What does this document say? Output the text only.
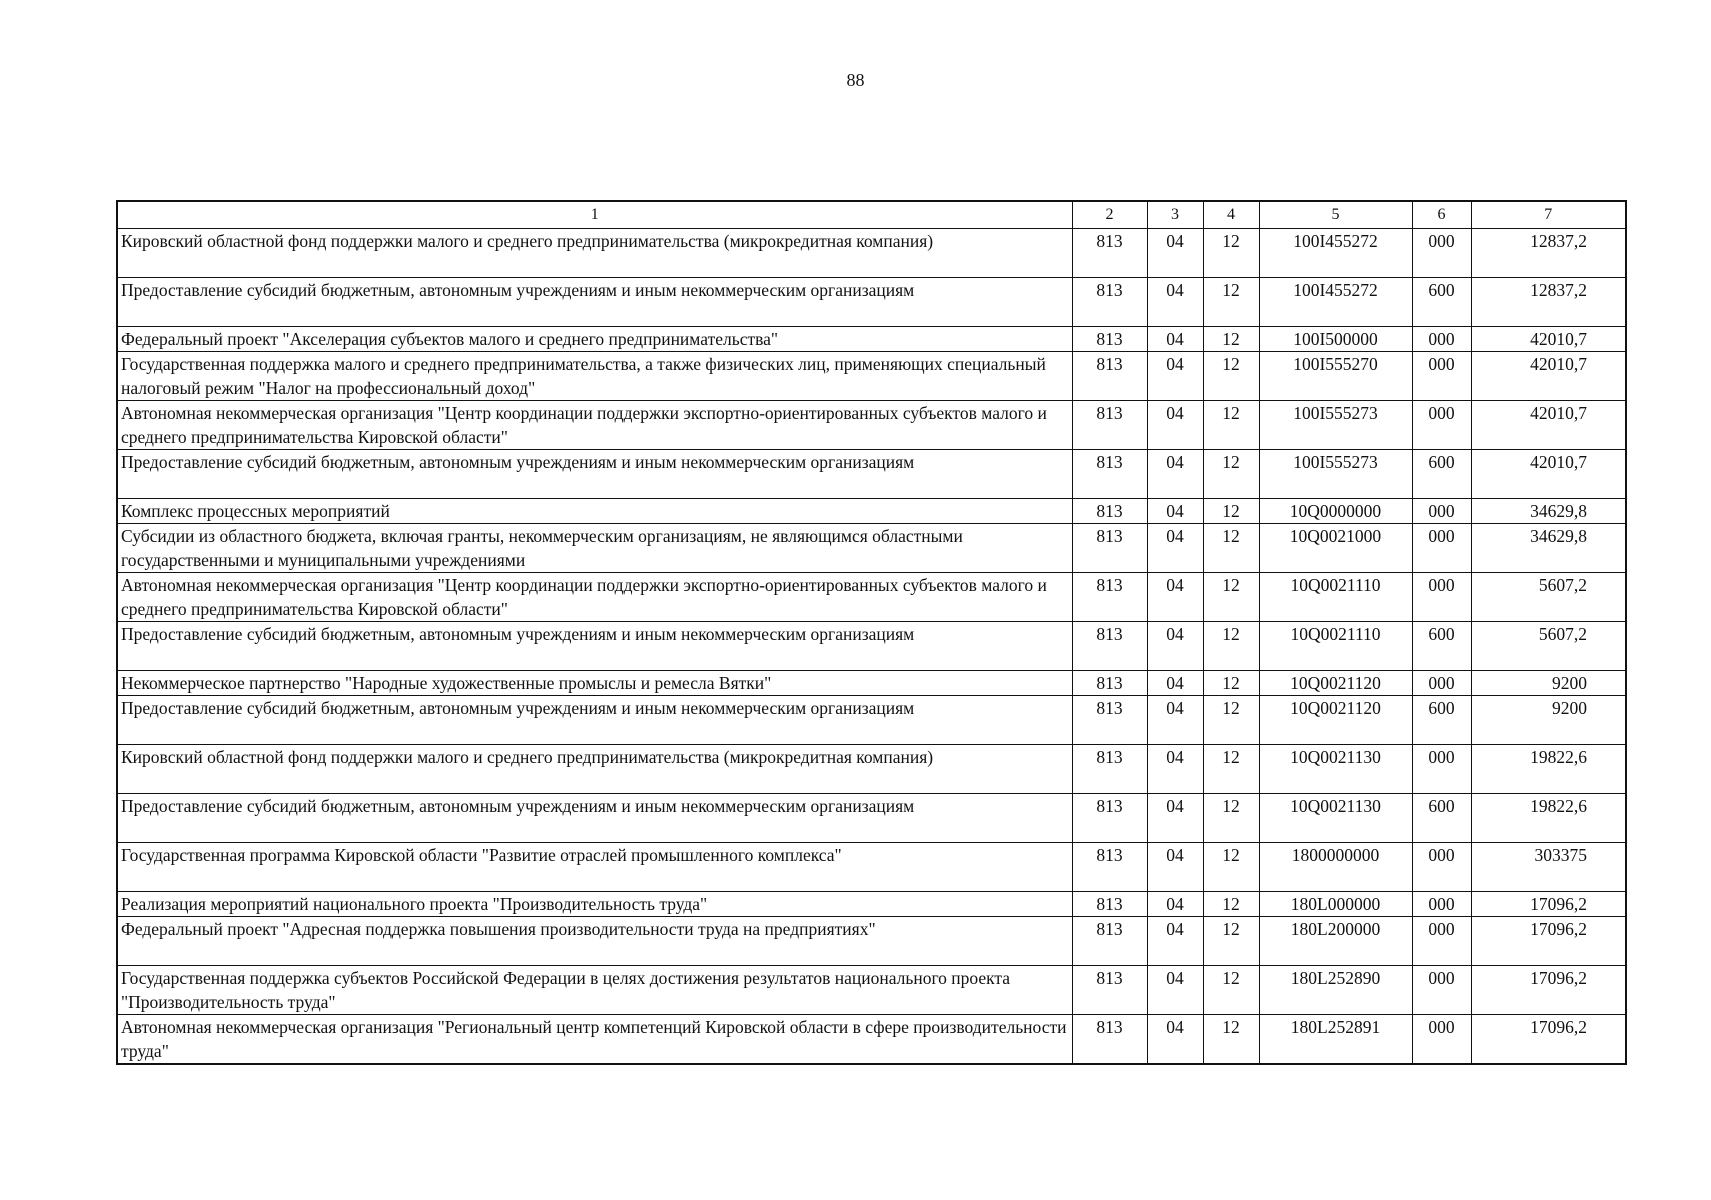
88
1	2	3	4	5	6	7
Кировский областной фонд поддержки малого и среднего предпринимательства (микрокредитная компания)	813	04	12	100I455272	000	12837,2
Предоставление субсидий бюджетным, автономным учреждениям и иным некоммерческим организациям	813	04	12	100I455272	600	12837,2
Федеральный проект "Акселерация субъектов малого и среднего предпринимательства"	813	04	12	100I500000	000	42010,7
Государственная поддержка малого и среднего предпринимательства, а также физических лиц, применяющих специальный налоговый режим "Налог на профессиональный доход"	813	04	12	100I555270	000	42010,7
Автономная некоммерческая организация "Центр координации поддержки экспортно-ориентированных субъектов малого и среднего предпринимательства Кировской области"	813	04	12	100I555273	000	42010,7
Предоставление субсидий бюджетным, автономным учреждениям и иным некоммерческим организациям	813	04	12	100I555273	600	42010,7
Комплекс процессных мероприятий	813	04	12	10Q0000000	000	34629,8
Субсидии из областного бюджета, включая гранты, некоммерческим организациям, не являющимся областными государственными и муниципальными учреждениями	813	04	12	10Q0021000	000	34629,8
Автономная некоммерческая организация "Центр координации поддержки экспортно-ориентированных субъектов малого и среднего предпринимательства Кировской области"	813	04	12	10Q0021110	000	5607,2
Предоставление субсидий бюджетным, автономным учреждениям и иным некоммерческим организациям	813	04	12	10Q0021110	600	5607,2
Некоммерческое партнерство "Народные художественные промыслы и ремесла Вятки"	813	04	12	10Q0021120	000	9200
Предоставление субсидий бюджетным, автономным учреждениям и иным некоммерческим организациям	813	04	12	10Q0021120	600	9200
Кировский областной фонд поддержки малого и среднего предпринимательства (микрокредитная компания)	813	04	12	10Q0021130	000	19822,6
Предоставление субсидий бюджетным, автономным учреждениям и иным некоммерческим организациям	813	04	12	10Q0021130	600	19822,6
Государственная программа Кировской области "Развитие отраслей промышленного комплекса"	813	04	12	1800000000	000	303375
Реализация мероприятий национального проекта "Производительность труда"	813	04	12	180L000000	000	17096,2
Федеральный проект "Адресная поддержка повышения производительности труда на предприятиях"	813	04	12	180L200000	000	17096,2
Государственная поддержка субъектов Российской Федерации в целях достижения результатов национального проекта "Производительность труда"	813	04	12	180L252890	000	17096,2
Автономная некоммерческая организация "Региональный центр компетенций Кировской области в сфере производительности труда"	813	04	12	180L252891	000	17096,2
